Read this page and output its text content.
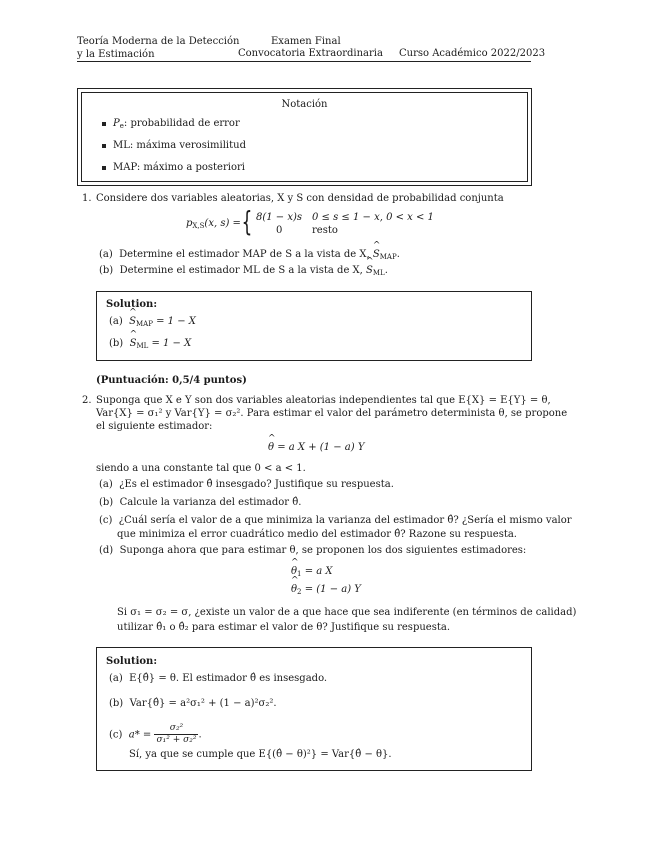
Teoría Moderna de la Detección
y la Estimación
Examen Final
Convocatoria Extraordinaria Curso Académico 2022/2023
Notación
$P_e$: probabilidad de error
ML: máxima verosimilitud
MAP: máximo a posteriori
1. Considere dos variables aleatorias, X y S con densidad de probabilidad conjunta
$p_{X,S}(x$, s) = { 8(1 − x)s 0 ≤ s ≤ 1 − x, 0 < x < 1
0	resto
(a) Determine el estimador MAP de S a la vista de X, ^ $S_{MAP}$.
(b) Determine el estimador ML de S a la vista de X, ^ $S_{ML}$.
Solution:
(a) ^ $S_{MAP} = 1 - X$
(b) ^ $S_{ML} = 1 - X$
(Puntuación: 0,5/4 puntos)
2. Suponga que X e Y son dos variables aleatorias independientes tal que E{X} = E{Y} = θ,
Var{X} = σ₁² y Var{Y} = σ₂². Para estimar el valor del parámetro determinista θ, se propone
el siguiente estimador:
^ θ = a X + (1 − a) Y
siendo a una constante tal que 0 < a < 1.
(a) ¿Es el estimador θ̂ insesgado? Justifique su respuesta.
(b) Calcule la varianza del estimador θ̂.
(c) ¿Cuál sería el valor de a que minimiza la varianza del estimador θ̂? ¿Sería el mismo valor
que minimiza el error cuadrático medio del estimador θ̂? Razone su respuesta.
(d) Suponga ahora que para estimar θ, se proponen los dos siguientes estimadores:
^ $\theta_1 = a$ X
^ $\theta_2 = (1 - a)$ Y
Si σ₁ = σ₂ = σ, ¿existe un valor de a que hace que sea indiferente (en términos de calidad)
utilizar θ̂₁ o θ̂₂ para estimar el valor de θ? Justifique su respuesta.
Solution:
(a) E{θ̂} = θ. El estimador θ̂ es insesgado.
(b) Var{θ̂} = a²σ₁² + (1 − a)²σ₂².
(c) $a* = \frac{\text{σ₂²}}{\text{σ₁² + σ₂²}}$ .
Sí, ya que se cumple que E{(θ̂ − θ)²} = Var{θ̂ − θ}.
